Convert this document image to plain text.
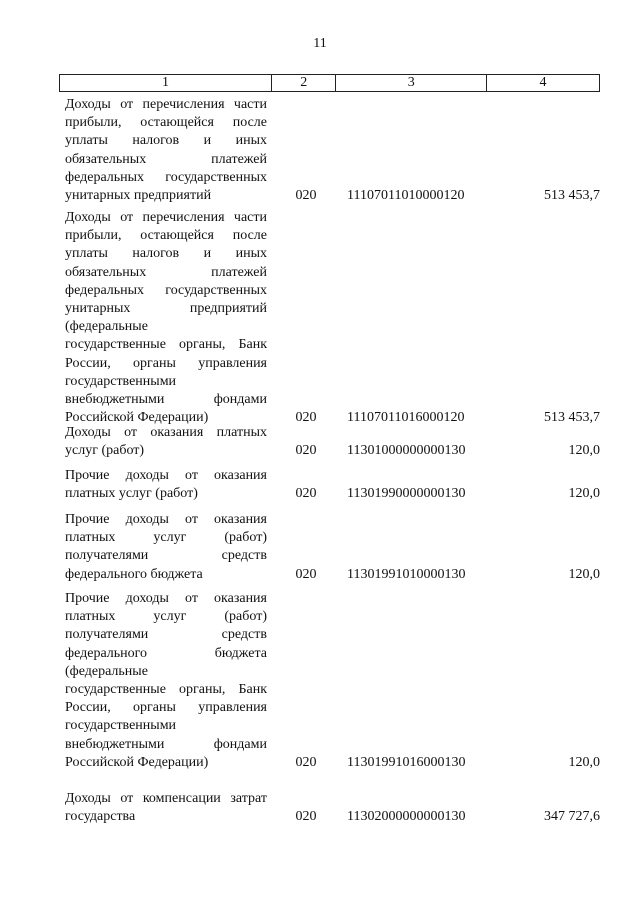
11
1	2	3	4
Доходы от перечисления части
прибыли, остающейся после
уплаты налогов и иных
обязательных платежей
федеральных государственных
унитарных предприятий	020 11107011010000120	513 453,7
Доходы от перечисления части
прибыли, остающейся после
уплаты налогов и иных
обязательных платежей
федеральных государственных
унитарных предприятий
(федеральные
государственные органы, Банк
России, органы управления
государственными
внебюджетными фондами
Российской Федерации)	020 11107011016000120	513 453,7
Доходы от оказания платных
услуг (работ)	020 11301000000000130	120,0
Прочие доходы от оказания
платных услуг (работ)	020 11301990000000130	120,0
Прочие доходы от оказания
платных услуг (работ)
получателями средств
федерального бюджета	020 11301991010000130	120,0
Прочие доходы от оказания
платных услуг (работ)
получателями средств
федерального бюджета
(федеральные
государственные органы, Банк
России, органы управления
государственными
внебюджетными фондами
Российской Федерации)	020 11301991016000130	120,0
Доходы от компенсации затрат
государства	020 11302000000000130	347 727,6
